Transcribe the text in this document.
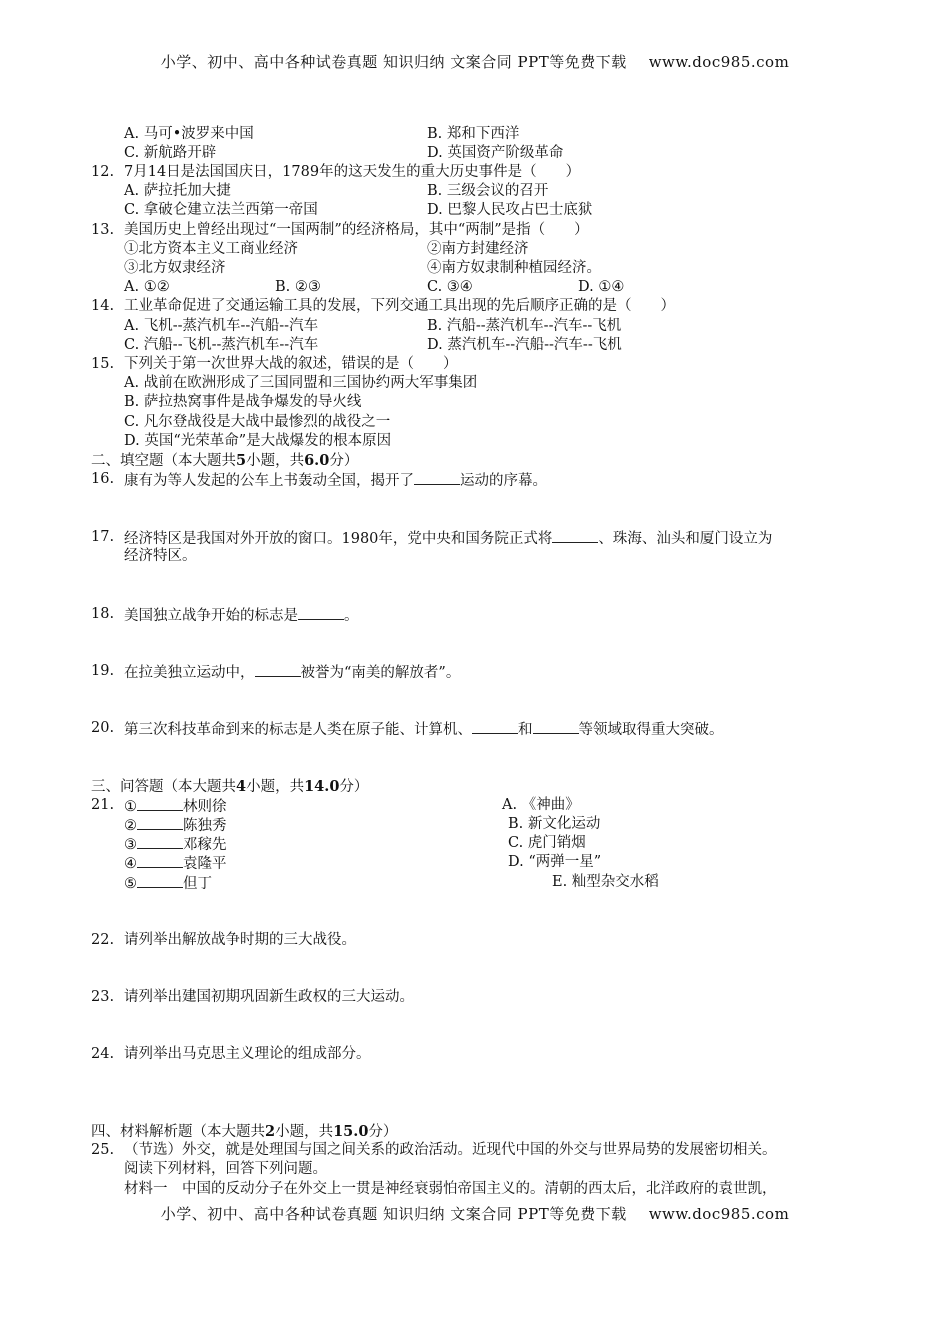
小学、初中、高中各种试卷真题 知识归纳 文案合同 PPT等免费下载 www.doc985.com
A. 马可•波罗来中国	B. 郑和下西洋
C. 新航路开辟	D. 英国资产阶级革命
12. 7月14日是法国国庆日，1789年的这天发生的重大历史事件是（　　）
A. 萨拉托加大捷	B. 三级会议的召开
C. 拿破仑建立法兰西第一帝国	D. 巴黎人民攻占巴士底狱
13. 美国历史上曾经出现过“一国两制”的经济格局，其中“两制”是指（　　）
①北方资本主义工商业经济	②南方封建经济
③北方奴隶经济	④南方奴隶制种植园经济。
A. ①②	B. ②③	C. ③④	D. ①④
14. 工业革命促进了交通运输工具的发展，下列交通工具出现的先后顺序正确的是（　　）
A. 飞机--蒸汽机车--汽船--汽车	B. 汽船--蒸汽机车--汽车--飞机
C. 汽船--飞机--蒸汽机车--汽车	D. 蒸汽机车--汽船--汽车--飞机
15. 下列关于第一次世界大战的叙述，错误的是（　　）
A. 战前在欧洲形成了三国同盟和三国协约两大军事集团
B. 萨拉热窝事件是战争爆发的导火线
C. 凡尔登战役是大战中最惨烈的战役之一
D. 英国“光荣革命”是大战爆发的根本原因
二、填空题（本大题共5小题，共6.0分）
16. 康有为等人发起的公车上书轰动全国，揭开了	运动的序幕。
17. 经济特区是我国对外开放的窗口。1980年，党中央和国务院正式将	、珠海、汕头和厦门设立为
经济特区。
18. 美国独立战争开始的标志是	。
19. 在拉美独立运动中，	被誉为“南美的解放者”。
20. 第三次科技革命到来的标志是人类在原子能、计算机、	和	等领域取得重大突破。
三、问答题（本大题共4小题，共14.0分）
21. ①	林则徐	A. 《神曲》
②	陈独秀	B. 新文化运动
③	邓稼先	C. 虎门销烟
④	袁隆平	D. “两弹一星”
⑤	但丁	E. 籼型杂交水稻
22. 请列举出解放战争时期的三大战役。
23. 请列举出建国初期巩固新生政权的三大运动。
24. 请列举出马克思主义理论的组成部分。
四、材料解析题（本大题共2小题，共15.0分）
25. （节选）外交，就是处理国与国之间关系的政治活动。近现代中国的外交与世界局势的发展密切相关。
阅读下列材料，回答下列问题。
材料一　中国的反动分子在外交上一贯是神经衰弱怕帝国主义的。清朝的西太后，北洋政府的袁世凯，
小学、初中、高中各种试卷真题 知识归纳 文案合同 PPT等免费下载 www.doc985.com
